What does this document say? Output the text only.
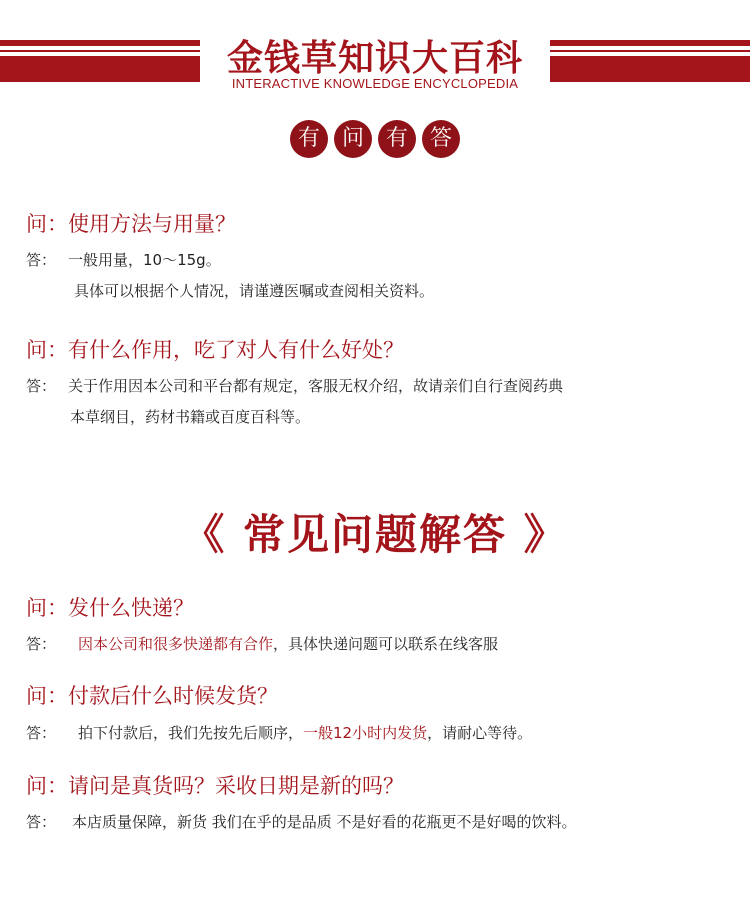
金钱草知识大百科
INTERACTIVE KNOWLEDGE ENCYCLOPEDIA
有 问 有 答
问：使用方法与用量？
答： 一般用量，10～15g。
具体可以根据个人情况，请谨遵医嘱或查阅相关资料。
问：有什么作用，吃了对人有什么好处？
答： 关于作用因本公司和平台都有规定，客服无权介绍，故请亲们自行查阅药典
本草纲目，药材书籍或百度百科等。
《 常见问题解答 》
问：发什么快递？
答： 因本公司和很多快递都有合作，具体快递问题可以联系在线客服
问：付款后什么时候发货？
答： 拍下付款后，我们先按先后顺序，一般12小时内发货，请耐心等待。
问：请问是真货吗？采收日期是新的吗？
答： 本店质量保障，新货 我们在乎的是品质 不是好看的花瓶更不是好喝的饮料。
